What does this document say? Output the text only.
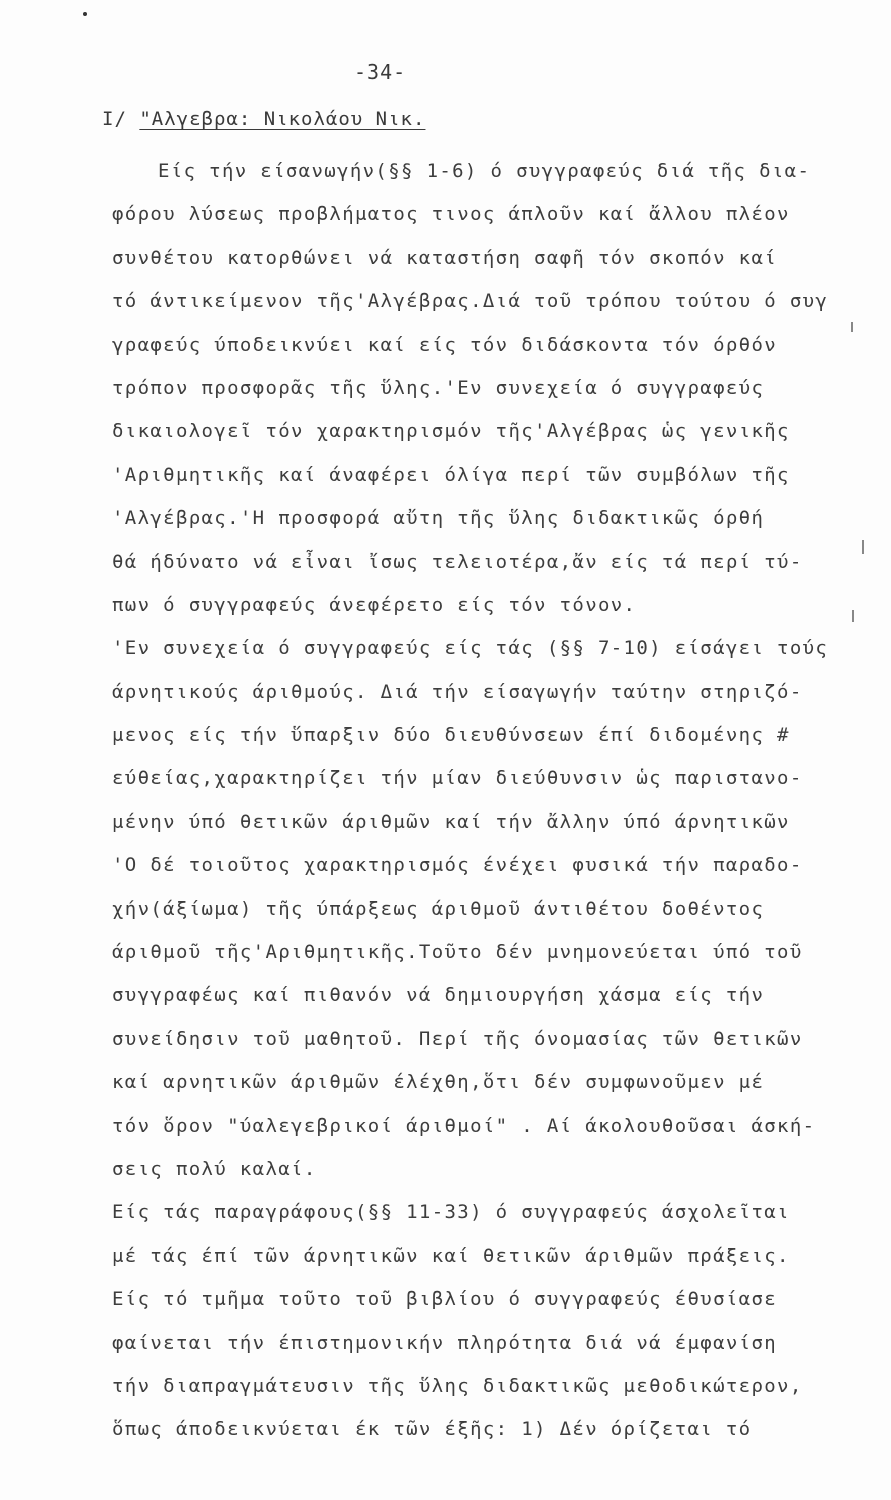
-34-
Ι/ "Αλγεβρα: Νικολάου Νικ.
Είς τήν είσανωγήν(§§ 1-6) ό συγγραφεύς διά τῆς δια-
φόρου λύσεως προβλήματος τινος άπλοῦν καί ἄλλου πλέον
συνθέτου κατορθώνει νά καταστήση σαφῆ τόν σκοπόν καί
τό άντικείμενον τῆς'Αλγέβρας.Διά τοῦ τρόπου τούτου ό συγ
γραφεύς ύποδεικνύει καί είς τόν διδάσκοντα τόν όρθόν
τρόπον προσφορᾶς τῆς ὕλης.'Εν συνεχεία ό συγγραφεύς
δικαιολογεῖ τόν χαρακτηρισμόν τῆς'Αλγέβρας ὡς γενικῆς
'Αριθμητικῆς καί άναφέρει όλίγα περί τῶν συμβόλων τῆς
'Αλγέβρας.'Η προσφορά αὔτη τῆς ὕλης διδακτικῶς όρθή
θά ήδύνατο νά εἶναι ἴσως τελειοτέρα,ἄν είς τά περί τύ-
πων ό συγγραφεύς άνεφέρετο είς τόν τόνον.
'Εν συνεχεία ό συγγραφεύς είς τάς (§§ 7-10) είσάγει τούς
άρνητικούς άριθμούς. Διά τήν είσαγωγήν ταύτην στηριζό-
μενος είς τήν ὕπαρξιν δύο διευθύνσεων έπί διδομένης #
εύθείας,χαρακτηρίζει τήν μίαν διεύθυνσιν ὡς παριστανο-
μένην ύπό θετικῶν άριθμῶν καί τήν ἄλλην ύπό άρνητικῶν
'Ο δέ τοιοῦτος χαρακτηρισμός ένέχει φυσικά τήν παραδο-
χήν(άξίωμα) τῆς ύπάρξεως άριθμοῦ άντιθέτου δοθέντος
άριθμοῦ τῆς'Αριθμητικῆς.Τοῦτο δέν μνημονεύεται ύπό τοῦ
συγγραφέως καί πιθανόν νά δημιουργήση χάσμα είς τήν
συνείδησιν τοῦ μαθητοῦ. Περί τῆς όνομασίας τῶν θετικῶν
καί αρνητικῶν άριθμῶν έλέχθη,ὅτι δέν συμφωνοῦμεν μέ
τόν ὅρον "ύαλεγεβρικοί άριθμοί" . Αί άκολουθοῦσαι άσκή-
σεις πολύ καλαί.
Είς τάς παραγράφους(§§ 11-33) ό συγγραφεύς άσχολεῖται
μέ τάς έπί τῶν άρνητικῶν καί θετικῶν άριθμῶν πράξεις.
Είς τό τμῆμα τοῦτο τοῦ βιβλίου ό συγγραφεύς έθυσίασε
φαίνεται τήν έπιστημονικήν πληρότητα διά νά έμφανίση
τήν διαπραγμάτευσιν τῆς ὕλης διδακτικῶς μεθοδικώτερον,
ὅπως άποδεικνύεται έκ τῶν έξῆς: 1) Δέν όρίζεται τό
